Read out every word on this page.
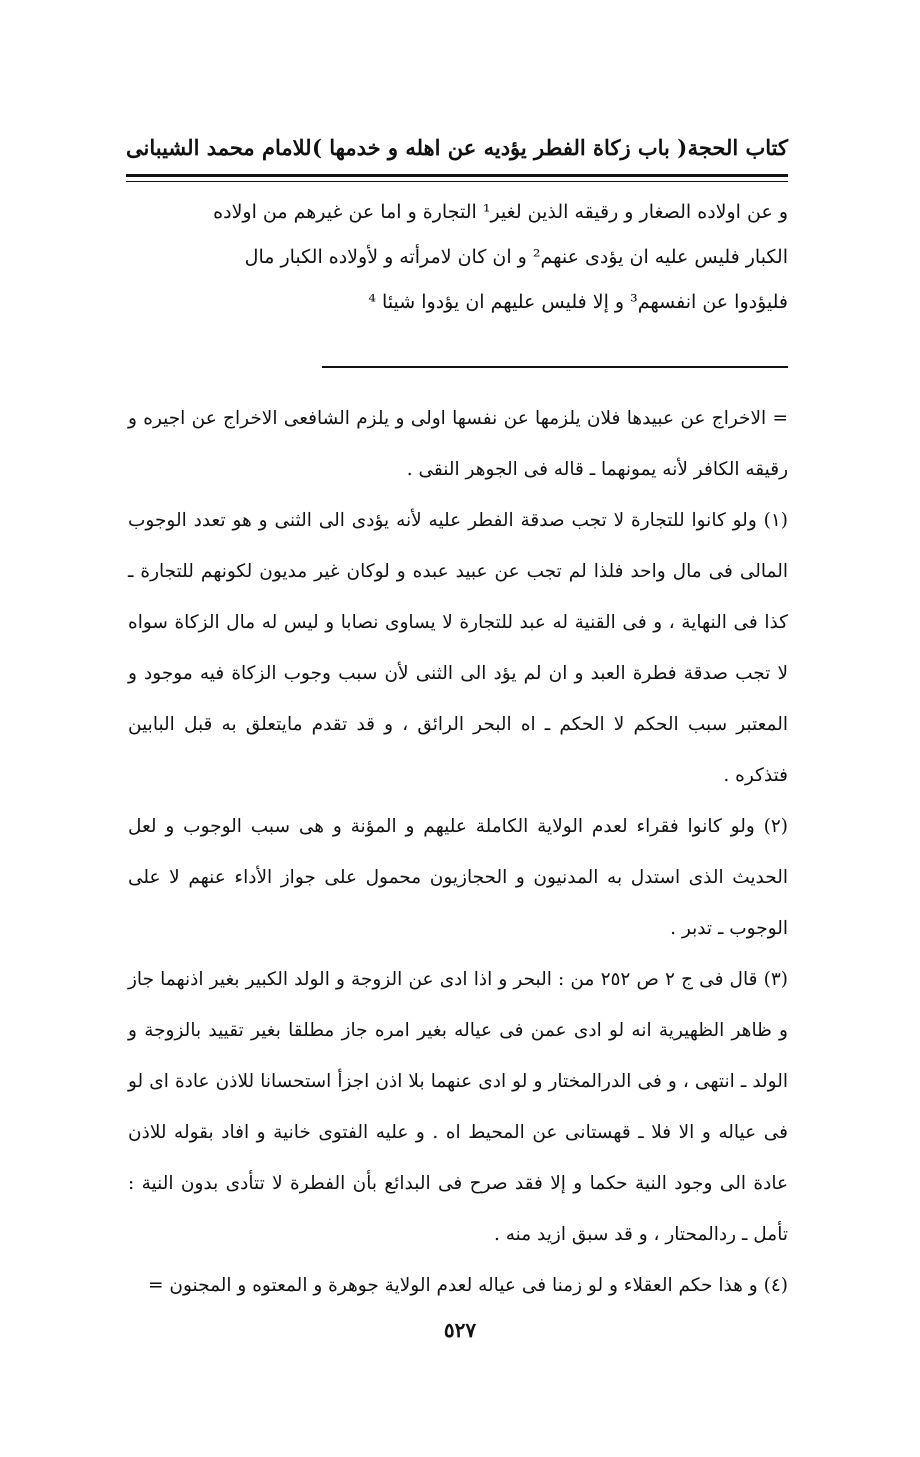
كتاب الحجة
( باب زكاة الفطر يؤديه عن اهله و خدمها )
للامام محمد الشيبانى

و عن اولاده الصغار و رقيقه الذين لغير¹ التجارة و اما عن غيرهم من اولاده

الكبار فليس عليه ان يؤدى عنهم² و ان كان لامرأته و لأولاده الكبار مال

فليؤدوا عن انفسهم³ و إلا فليس عليهم ان يؤدوا شيئا ⁴

= الاخراج عن عبيدها فلان يلزمها عن نفسها اولى و يلزم الشافعى الاخراج عن اجيره و رقيقه الكافر لأنه يمونهما ـ قاله فى الجوهر النقى .

(١) ولو كانوا للتجارة لا تجب صدقة الفطر عليه لأنه يؤدى الى الثنى و هو تعدد الوجوب المالى فى مال واحد فلذا لم تجب عن عبيد عبده و لوكان غير مديون لكونهم للتجارة ـ كذا فى النهاية ، و فى القنية له عبد للتجارة لا يساوى نصابا و ليس له مال الزكاة سواه لا تجب صدقة فطرة العبد و ان لم يؤد الى الثنى لأن سبب وجوب الزكاة فيه موجود و المعتبر سبب الحكم لا الحكم ـ اه البحر الرائق ، و قد تقدم مايتعلق به قبل البابين فتذكره .

(٢) ولو كانوا فقراء لعدم الولاية الكاملة عليهم و المؤنة و هى سبب الوجوب و لعل الحديث الذى استدل به المدنيون و الحجازيون محمول على جواز الأداء عنهم لا على الوجوب ـ تدبر .

(٣) قال فى ج ٢ ص ٢٥٢ من : البحر و اذا ادى عن الزوجة و الولد الكبير بغير اذنهما جاز و ظاهر الظهيرية انه لو ادى عمن فى عياله بغير امره جاز مطلقا بغير تقييد بالزوجة و الولد ـ انتهى ، و فى الدرالمختار و لو ادى عنهما بلا اذن اجزأ استحسانا للاذن عادة اى لو فى عياله و الا فلا ـ قهستانى عن المحيط اه . و عليه الفتوى خانية و افاد بقوله للاذن عادة الى وجود النية حكما و إلا فقد صرح فى البدائع بأن الفطرة لا تتأدى بدون النية : تأمل ـ ردالمحتار ، و قد سبق ازيد منه .

(٤) و هذا حكم العقلاء و لو زمنا فى عياله لعدم الولاية جوهرة و المعتوه و المجنون =

٥٢٧
